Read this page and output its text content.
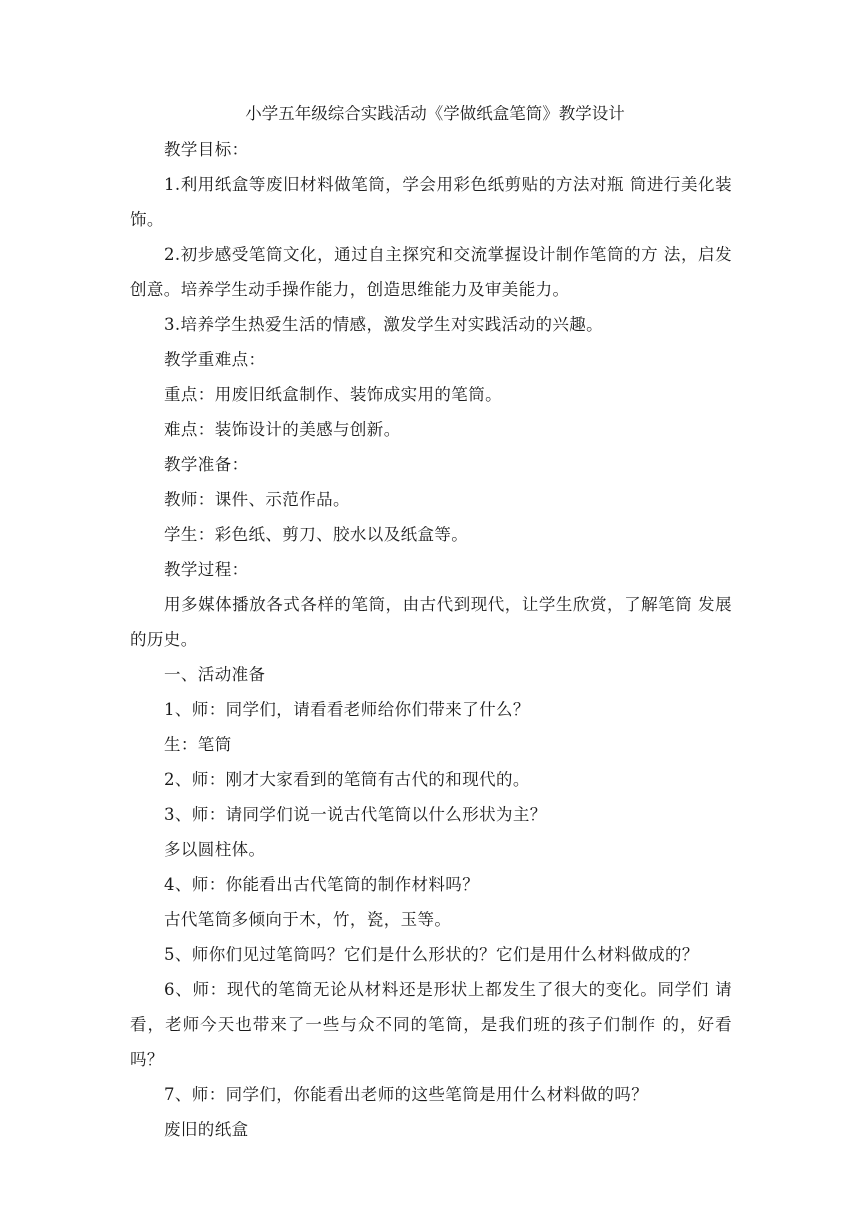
小学五年级综合实践活动《学做纸盒笔筒》教学设计

教学目标：

1.利用纸盒等废旧材料做笔筒，学会用彩色纸剪贴的方法对瓶 筒进行美化装饰。

2.初步感受笔筒文化，通过自主探究和交流掌握设计制作笔筒的方 法，启发创意。培养学生动手操作能力，创造思维能力及审美能力。

3.培养学生热爱生活的情感，激发学生对实践活动的兴趣。

教学重难点：

重点：用废旧纸盒制作、装饰成实用的笔筒。

难点：装饰设计的美感与创新。

教学准备：

教师：课件、示范作品。

学生：彩色纸、剪刀、胶水以及纸盒等。

教学过程：

用多媒体播放各式各样的笔筒，由古代到现代，让学生欣赏，了解笔筒 发展的历史。

一、活动准备

1、师：同学们，请看看老师给你们带来了什么？

生：笔筒

2、师：刚才大家看到的笔筒有古代的和现代的。

3、师：请同学们说一说古代笔筒以什么形状为主？

多以圆柱体。

4、师：你能看出古代笔筒的制作材料吗？

古代笔筒多倾向于木，竹，瓷，玉等。

5、师你们见过笔筒吗？它们是什么形状的？它们是用什么材料做成的？

6、师：现代的笔筒无论从材料还是形状上都发生了很大的变化。同学们 请看，老师今天也带来了一些与众不同的笔筒，是我们班的孩子们制作 的，好看吗？

7、师：同学们，你能看出老师的这些笔筒是用什么材料做的吗？

废旧的纸盒
